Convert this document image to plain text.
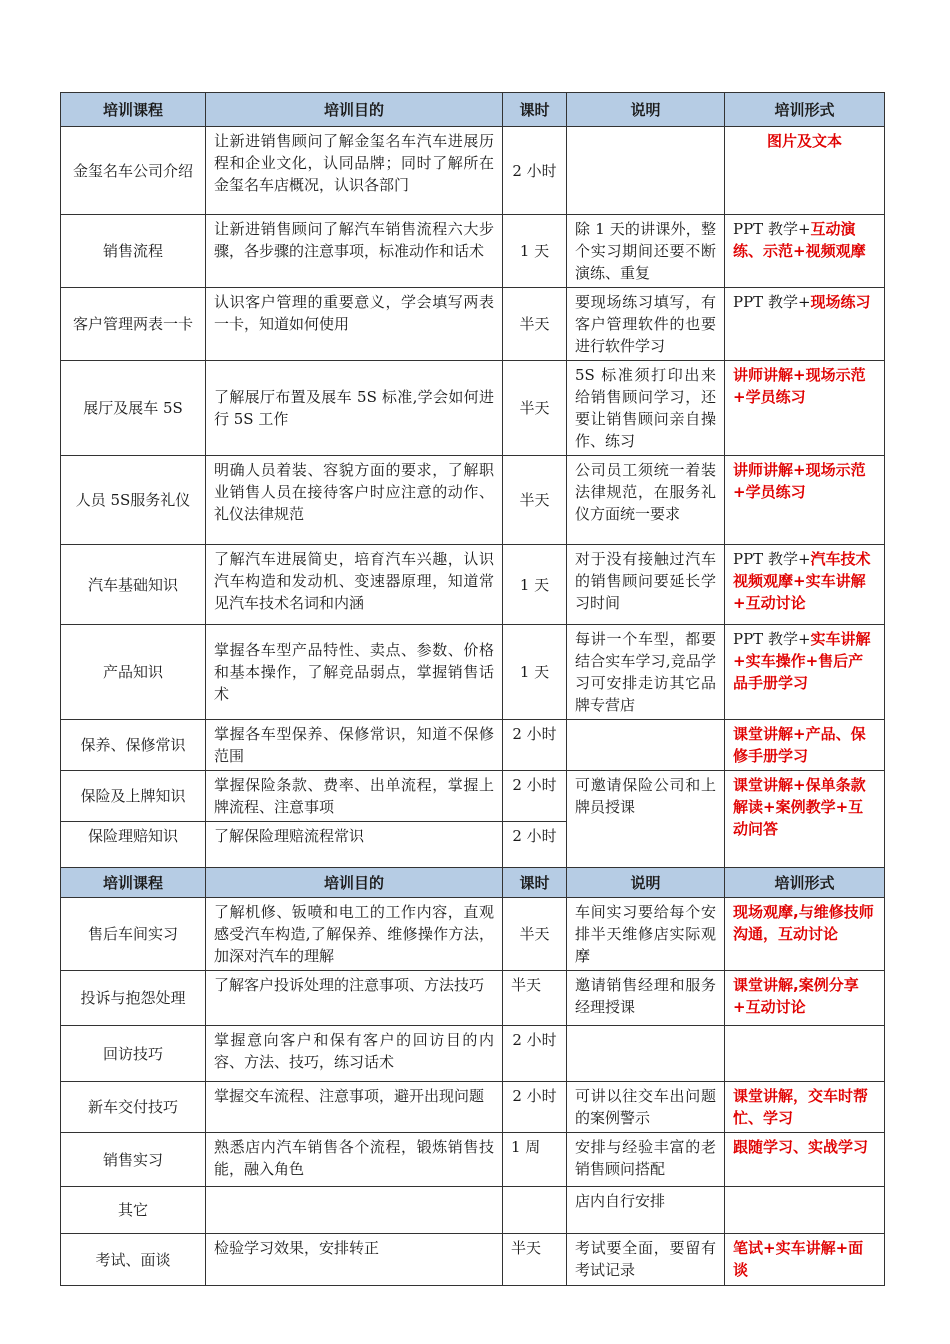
培训课程	培训目的	课时	说明	培训形式
金玺名车公司介绍	让新进销售顾问了解金玺名车汽车进展历程和企业文化，认同品牌；同时了解所在金玺名车店概况，认识各部门	2 小时		图片及文本
销售流程	让新进销售顾问了解汽车销售流程六大步骤，各步骤的注意事项，标准动作和话术	1 天	除 1 天的讲课外，整个实习期间还要不断演练、重复	PPT 教学+互动演练、示范+视频观摩
客户管理两表一卡	认识客户管理的重要意义，学会填写两表一卡，知道如何使用	半天	要现场练习填写，有客户管理软件的也要进行软件学习	PPT 教学+现场练习
展厅及展车 5S	了解展厅布置及展车 5S 标准,学会如何进行 5S 工作	半天	5S 标准须打印出来给销售顾问学习，还要让销售顾问亲自操作、练习	讲师讲解+现场示范+学员练习
人员 5S服务礼仪	明确人员着装、容貌方面的要求，了解职业销售人员在接待客户时应注意的动作、礼仪法律规范	半天	公司员工须统一着装法律规范，在服务礼仪方面统一要求	讲师讲解+现场示范+学员练习
汽车基础知识	了解汽车进展简史，培育汽车兴趣，认识汽车构造和发动机、变速器原理，知道常见汽车技术名词和内涵	1 天	对于没有接触过汽车的销售顾问要延长学习时间	PPT 教学+汽车技术视频观摩+实车讲解+互动讨论
产品知识	掌握各车型产品特性、卖点、参数、价格和基本操作，了解竞品弱点，掌握销售话术	1 天	每讲一个车型，都要结合实车学习,竞品学习可安排走访其它品牌专营店	PPT 教学+实车讲解+实车操作+售后产品手册学习
保养、保修常识	掌握各车型保养、保修常识，知道不保修范围	2 小时		课堂讲解+产品、保修手册学习
保险及上牌知识	掌握保险条款、费率、出单流程，掌握上牌流程、注意事项	2 小时	可邀请保险公司和上牌员授课	课堂讲解+保单条款解读+案例教学+互动问答
保险理赔知识	了解保险理赔流程常识	2 小时		
培训课程	培训目的	课时	说明	培训形式
售后车间实习	了解机修、钣喷和电工的工作内容，直观感受汽车构造,了解保养、维修操作方法，加深对汽车的理解	半天	车间实习要给每个安排半天维修店实际观摩	现场观摩,与维修技师沟通，互动讨论
投诉与抱怨处理	了解客户投诉处理的注意事项、方法技巧	半天	邀请销售经理和服务经理授课	课堂讲解,案例分享+互动讨论
回访技巧	掌握意向客户和保有客户的回访目的内容、方法、技巧，练习话术	2 小时		
新车交付技巧	掌握交车流程、注意事项，避开出现问题	2 小时	可讲以往交车出问题的案例警示	课堂讲解，交车时帮忙、学习
销售实习	熟悉店内汽车销售各个流程，锻炼销售技能，融入角色	1 周	安排与经验丰富的老销售顾问搭配	跟随学习、实战学习
其它			店内自行安排	
考试、面谈	检验学习效果，安排转正	半天	考试要全面，要留有考试记录	笔试+实车讲解+面谈
